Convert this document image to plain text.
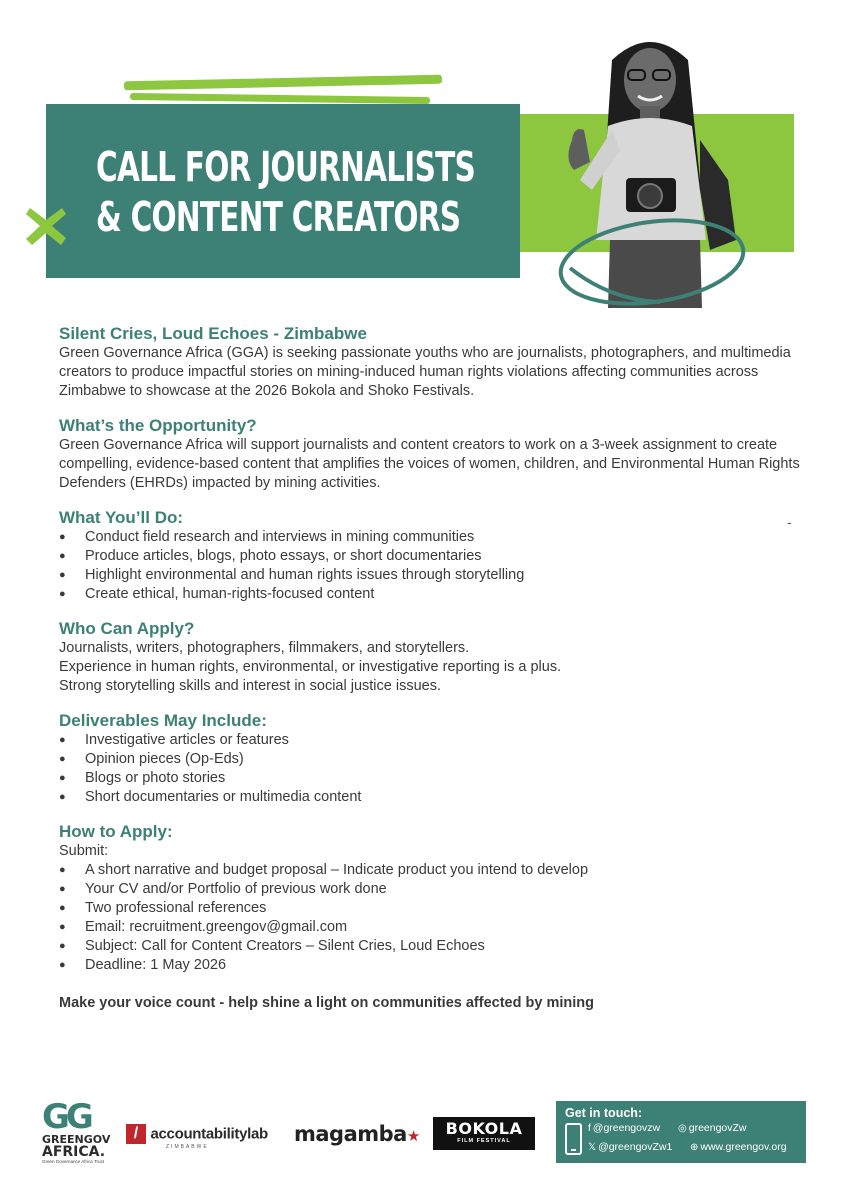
CALL FOR JOURNALISTS
& CONTENT CREATORS
Silent Cries, Loud Echoes - Zimbabwe

Green Governance Africa (GGA) is seeking passionate youths who are journalists, photographers, and multimedia creators to produce impactful stories on mining-induced human rights violations affecting communities across Zimbabwe to showcase at the 2026 Bokola and Shoko Festivals.

What’s the Opportunity?

Green Governance Africa will support journalists and content creators to work on a 3-week assignment to create compelling, evidence-based content that amplifies the voices of women, children, and Environmental Human Rights Defenders (EHRDs) impacted by mining activities.

What You’ll Do:
● Conduct field research and interviews in mining communities
● Produce articles, blogs, photo essays, or short documentaries
● Highlight environmental and human rights issues through storytelling
● Create ethical, human-rights-focused content
Who Can Apply?

Journalists, writers, photographers, filmmakers, and storytellers.

Experience in human rights, environmental, or investigative reporting is a plus.

Strong storytelling skills and interest in social justice issues.

Deliverables May Include:
● Investigative articles or features
● Opinion pieces (Op-Eds)
● Blogs or photo stories
● Short documentaries or multimedia content
How to Apply:

Submit:

● A short narrative and budget proposal – Indicate product you intend to develop
● Your CV and/or Portfolio of previous work done
● Two professional references
● Email: recruitment.greengov@gmail.com
● Subject: Call for Content Creators – Silent Cries, Loud Echoes
● Deadline: 1 May 2026

Make your voice count - help shine a light on communities affected by mining

-
GG
GREENGOV
AFRICA.
Green Governance Africa Trust
/ accountabilitylab
ZIMBABWE
magamba★	BOKOLA
FILM FESTIVAL
Get in touch:
f @greengovzw ◎ greengovZw
𝕏 @greengovZw1 ⊕ www.greengov.org
